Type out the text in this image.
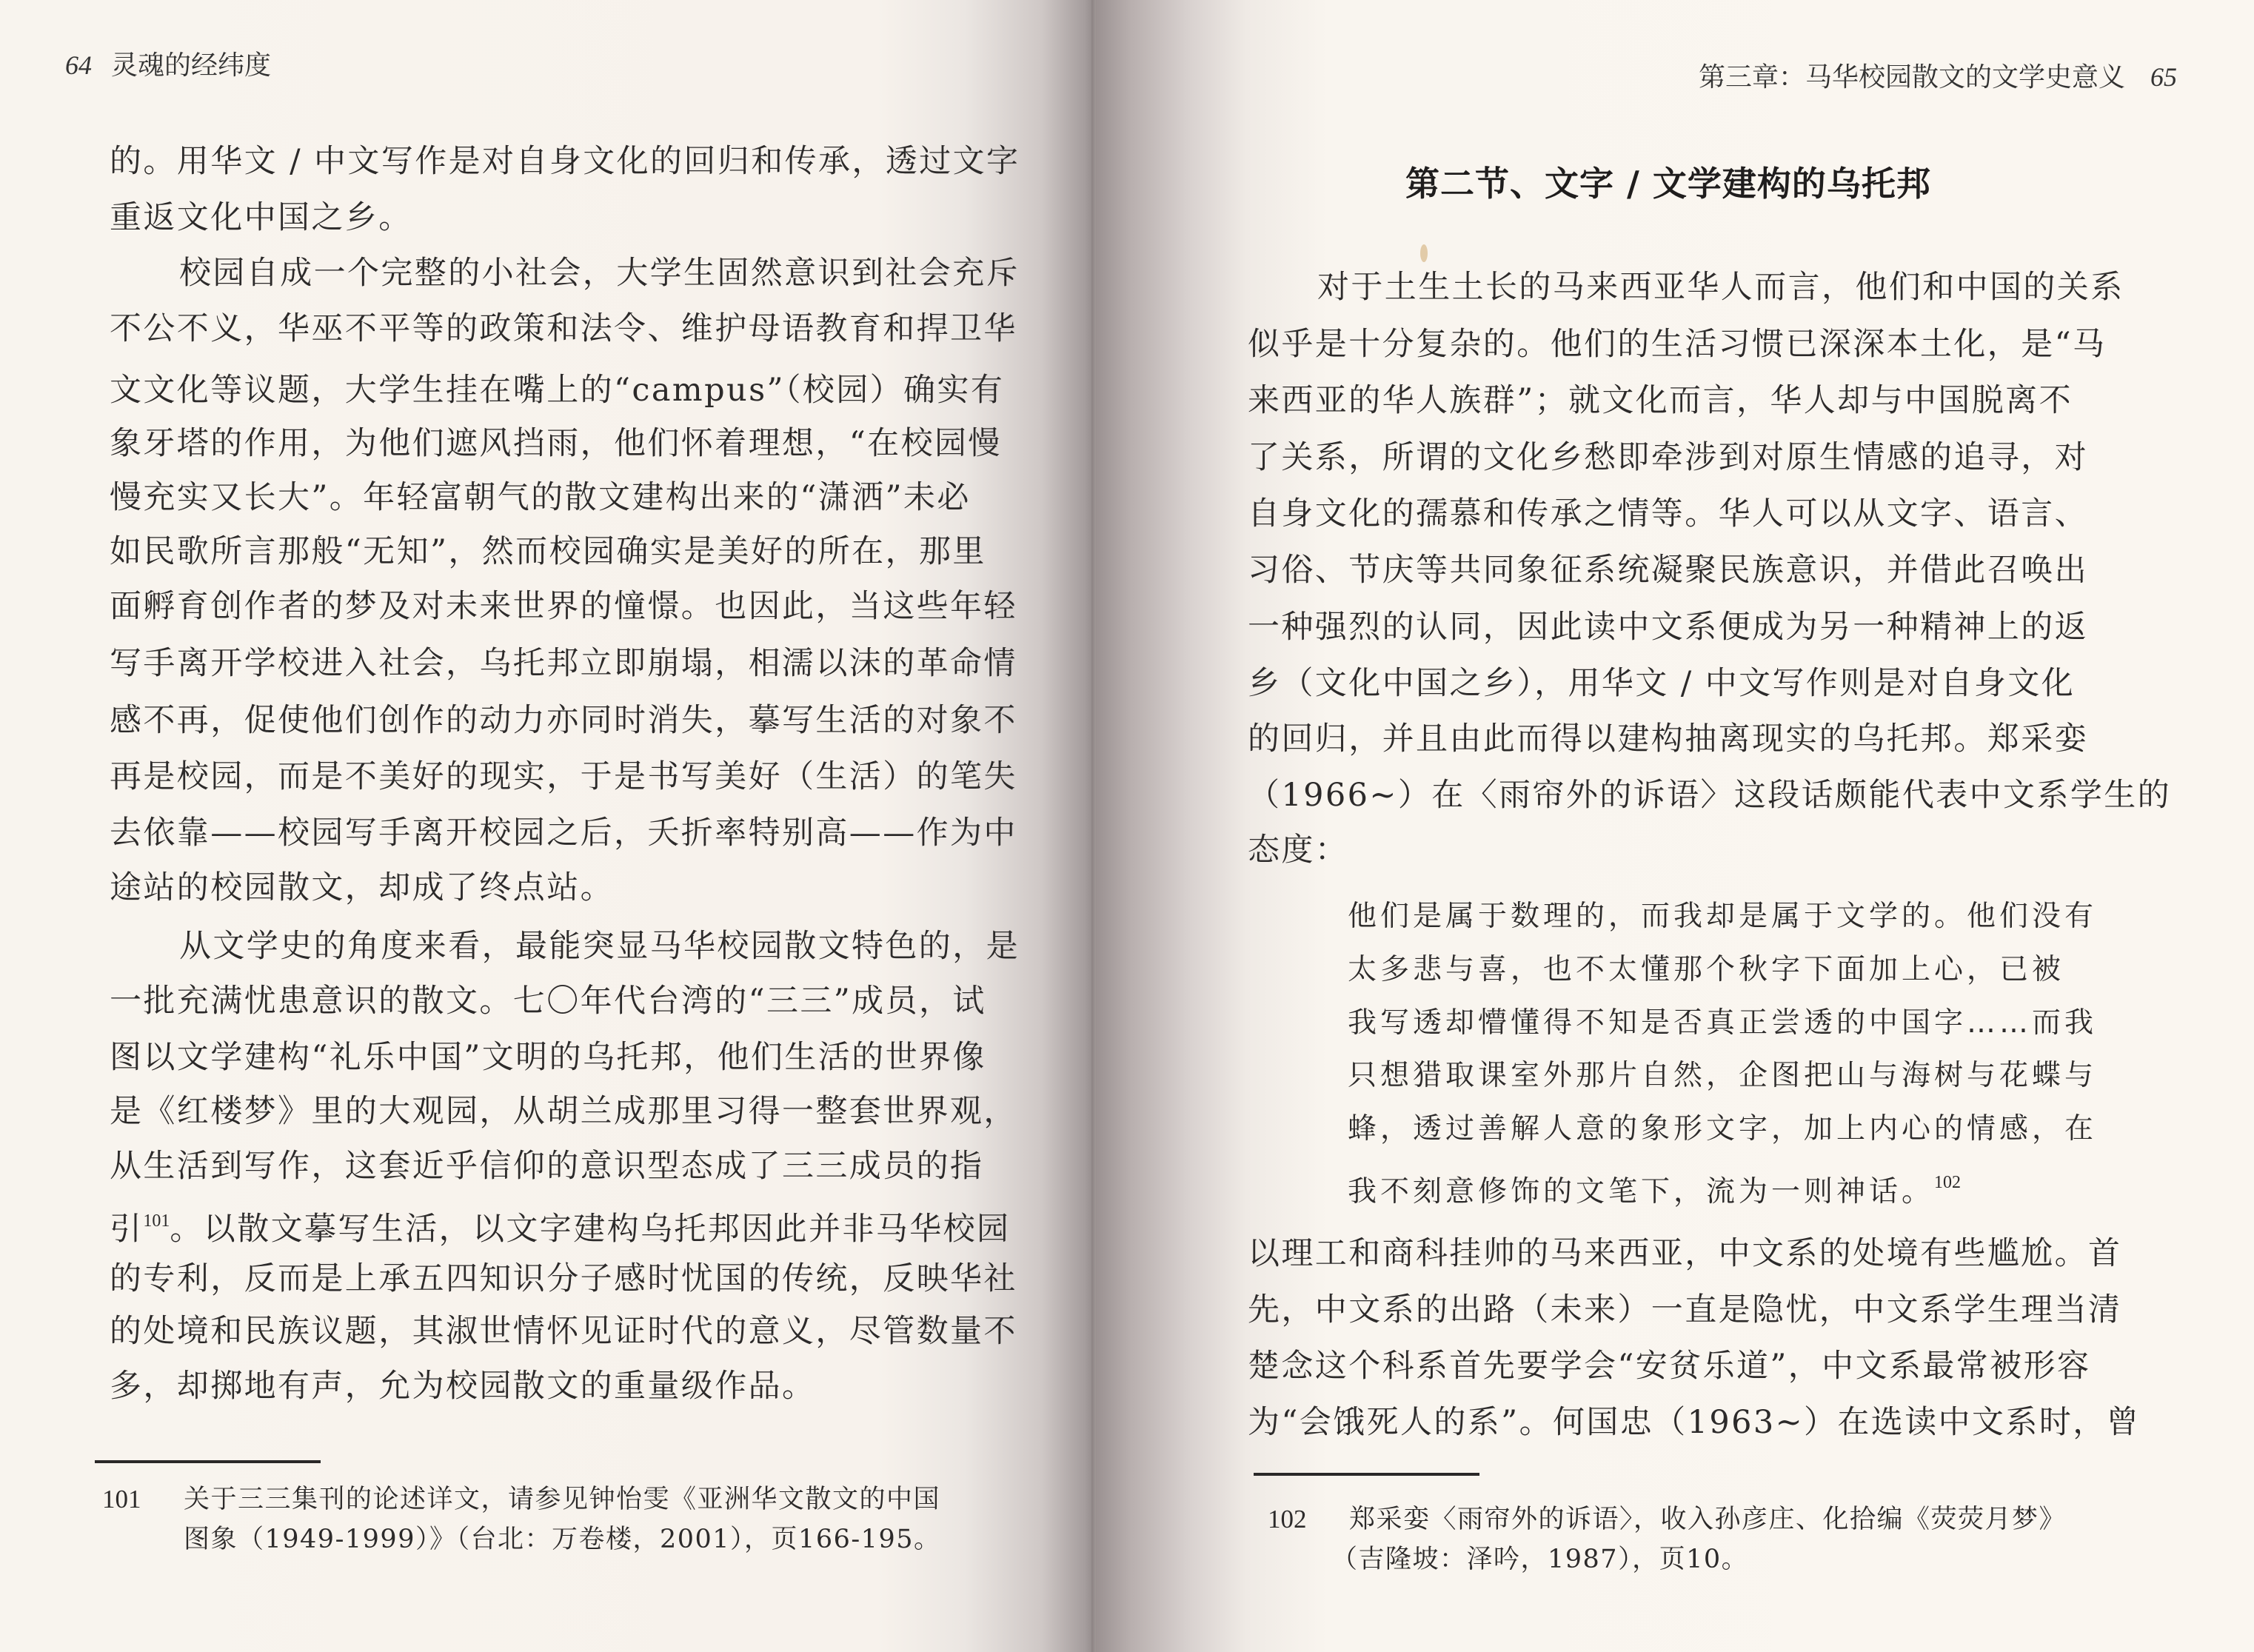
64 灵魂的经纬度
的。用华文 / 中文写作是对自身文化的回归和传承，透过文字
重返文化中国之乡。
校园自成一个完整的小社会，大学生固然意识到社会充斥
不公不义，华巫不平等的政策和法令、维护母语教育和捍卫华
文文化等议题，大学生挂在嘴上的“campus”（校园）确实有
象牙塔的作用，为他们遮风挡雨，他们怀着理想，“在校园慢
慢充实又长大”。年轻富朝气的散文建构出来的“潇洒”未必
如民歌所言那般“无知”，然而校园确实是美好的所在，那里
面孵育创作者的梦及对未来世界的憧憬。也因此，当这些年轻
写手离开学校进入社会，乌托邦立即崩塌，相濡以沫的革命情
感不再，促使他们创作的动力亦同时消失，摹写生活的对象不
再是校园，而是不美好的现实，于是书写美好（生活）的笔失
去依靠——校园写手离开校园之后，夭折率特别高——作为中
途站的校园散文，却成了终点站。
从文学史的角度来看，最能突显马华校园散文特色的，是
一批充满忧患意识的散文。七〇年代台湾的“三三”成员，试
图以文学建构“礼乐中国”文明的乌托邦，他们生活的世界像
是《红楼梦》里的大观园，从胡兰成那里习得一整套世界观，
从生活到写作，这套近乎信仰的意识型态成了三三成员的指
引$^{101}$。以散文摹写生活，以文字建构乌托邦因此并非马华校园
的专利，反而是上承五四知识分子感时忧国的传统，反映华社
的处境和民族议题，其淑世情怀见证时代的意义，尽管数量不
多，却掷地有声，允为校园散文的重量级作品。
101 关于三三集刊的论述详文，请参见钟怡雯《亚洲华文散文的中国
图象（1949-1999）》（台北：万卷楼，2001），页166-195。
第三章：马华校园散文的文学史意义 65
第二节、文字 / 文学建构的乌托邦
对于土生土长的马来西亚华人而言，他们和中国的关系
似乎是十分复杂的。他们的生活习惯已深深本土化，是“马
来西亚的华人族群”；就文化而言，华人却与中国脱离不
了关系，所谓的文化乡愁即牵涉到对原生情感的追寻，对
自身文化的孺慕和传承之情等。华人可以从文字、语言、
习俗、节庆等共同象征系统凝聚民族意识，并借此召唤出
一种强烈的认同，因此读中文系便成为另一种精神上的返
乡（文化中国之乡），用华文 / 中文写作则是对自身文化
的回归，并且由此而得以建构抽离现实的乌托邦。郑采娈
（1966~）在〈雨帘外的诉语〉这段话颇能代表中文系学生的
态度：
他们是属于数理的，而我却是属于文学的。他们没有
太多悲与喜，也不太懂那个秋字下面加上心，已被
我写透却懵懂得不知是否真正尝透的中国字……而我
只想猎取课室外那片自然，企图把山与海树与花蝶与
蜂，透过善解人意的象形文字，加上内心的情感，在
我不刻意修饰的文笔下，流为一则神话。$^{102}$
以理工和商科挂帅的马来西亚，中文系的处境有些尴尬。首
先，中文系的出路（未来）一直是隐忧，中文系学生理当清
楚念这个科系首先要学会“安贫乐道”，中文系最常被形容
为“会饿死人的系”。何国忠（1963~）在选读中文系时，曾
102 郑采娈〈雨帘外的诉语〉，收入孙彦庄、化拾编《荧荧月梦》
（吉隆坡：泽吟，1987），页10。
